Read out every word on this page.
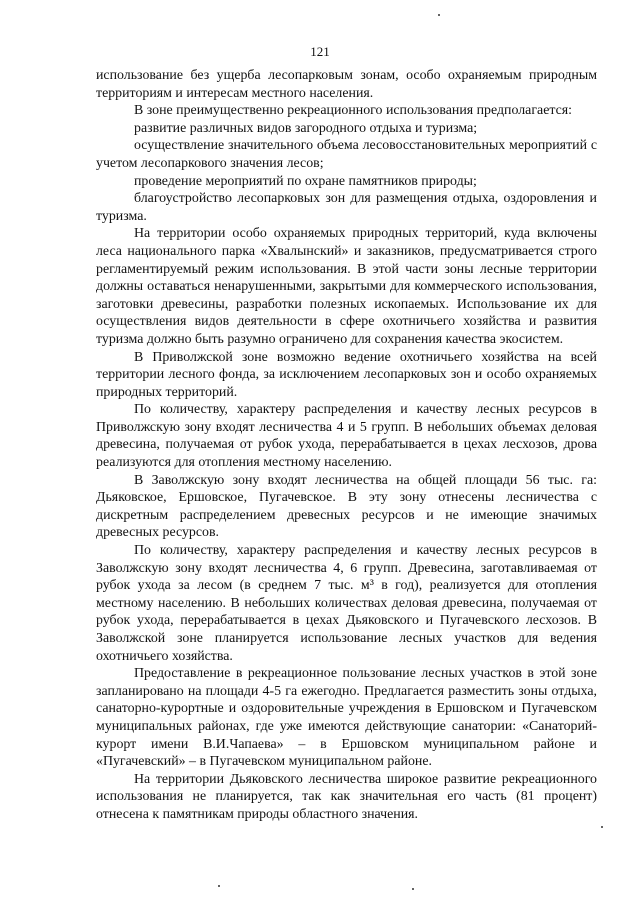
121

использование без ущерба лесопарковым зонам, особо охраняемым природным территориям и интересам местного населения.

В зоне преимущественно рекреационного использования предполагается:

развитие различных видов загородного отдыха и туризма;

осуществление значительного объема лесовосстановительных мероприятий с учетом лесопаркового значения лесов;

проведение мероприятий по охране памятников природы;

благоустройство лесопарковых зон для размещения отдыха, оздоровления и туризма.

На территории особо охраняемых природных территорий, куда включены леса национального парка «Хвалынский» и заказников, предусматривается строго регламентируемый режим использования. В этой части зоны лесные территории должны оставаться ненарушенными, закрытыми для коммерческого использования, заготовки древесины, разработки полезных ископаемых. Использование их для осуществления видов деятельности в сфере охотничьего хозяйства и развития туризма должно быть разумно ограничено для сохранения качества экосистем.

В Приволжской зоне возможно ведение охотничьего хозяйства на всей территории лесного фонда, за исключением лесопарковых зон и особо охраняемых природных территорий.

По количеству, характеру распределения и качеству лесных ресурсов в Приволжскую зону входят лесничества 4 и 5 групп. В небольших объемах деловая древесина, получаемая от рубок ухода, перерабатывается в цехах лесхозов, дрова реализуются для отопления местному населению.

В Заволжскую зону входят лесничества на общей площади 56 тыс. га: Дьяковское, Ершовское, Пугачевское. В эту зону отнесены лесничества с дискретным распределением древесных ресурсов и не имеющие значимых древесных ресурсов.

По количеству, характеру распределения и качеству лесных ресурсов в Заволжскую зону входят лесничества 4, 6 групп. Древесина, заготавливаемая от рубок ухода за лесом (в среднем 7 тыс. м³ в год), реализуется для отопления местному населению. В небольших количествах деловая древесина, получаемая от рубок ухода, перерабатывается в цехах Дьяковского и Пугачевского лесхозов. В Заволжской зоне планируется использование лесных участков для ведения охотничьего хозяйства.

Предоставление в рекреационное пользование лесных участков в этой зоне запланировано на площади 4-5 га ежегодно. Предлагается разместить зоны отдыха, санаторно-курортные и оздоровительные учреждения в Ершовском и Пугачевском муниципальных районах, где уже имеются действующие санатории: «Санаторий-курорт имени В.И.Чапаева» – в Ершовском муниципальном районе и «Пугачевский» – в Пугачевском муниципальном районе.

На территории Дьяковского лесничества широкое развитие рекреационного использования не планируется, так как значительная его часть (81 процент) отнесена к памятникам природы областного значения.
